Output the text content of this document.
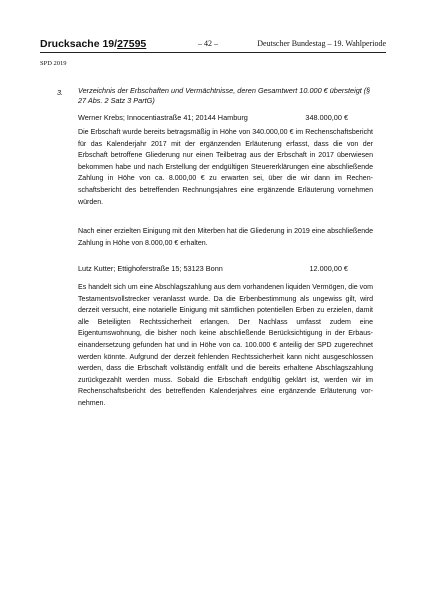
Drucksache 19/27595	– 42 –	Deutscher Bundestag – 19. Wahlperiode
SPD 2019
3. Verzeichnis der Erbschaften und Vermächtnisse, deren Gesamtwert 10.000 € übersteigt (§ 27 Abs. 2 Satz 3 PartG)
Werner Krebs; Innocentiastraße 41; 20144 Hamburg	348.000,00 €
Die Erbschaft wurde bereits betragsmäßig in Höhe von 340.000,00 € im Rechenschaftsbericht für das Kalenderjahr 2017 mit der ergänzenden Erläuterung erfasst, dass die von der Erbschaft betroffene Gliederung nur einen Teilbetrag aus der Erbschaft in 2017 überwiesen bekommen habe und nach Erstellung der endgültigen Steuererklärungen eine abschließende Zahlung in Höhe von ca. 8.000,00 € zu erwarten sei, über die wir dann im Rechenschaftsbericht des betreffenden Rechnungsjahres eine ergänzende Erläuterung vornehmen würden.
Nach einer erzielten Einigung mit den Miterben hat die Gliederung in 2019 eine abschließende Zahlung in Höhe von 8.000,00 € erhalten.
Lutz Kutter; Ettighoferstraße 15; 53123 Bonn	12.000,00 €
Es handelt sich um eine Abschlagszahlung aus dem vorhandenen liquiden Vermögen, die vom Testamentsvollstrecker veranlasst wurde. Da die Erbenbestimmung als ungewiss gilt, wird derzeit versucht, eine notarielle Einigung mit sämtlichen potentiellen Erben zu erzielen, damit alle Beteiligten Rechtssicherheit erlangen. Der Nachlass umfasst zudem eine Eigentumswohnung, die bisher noch keine abschließende Berücksichtigung in der Erbauseinandersetzung gefunden hat und in Höhe von ca. 100.000 € anteilig der SPD zugerechnet werden könnte. Aufgrund der derzeit fehlenden Rechtssicherheit kann nicht ausgeschlossen werden, dass die Erbschaft vollständig entfällt und die bereits erhaltene Abschlagszahlung zurückgezahlt werden muss. Sobald die Erbschaft endgültig geklärt ist, werden wir im Rechenschaftsbericht des betreffenden Kalenderjahres eine ergänzende Erläuterung vornehmen.
